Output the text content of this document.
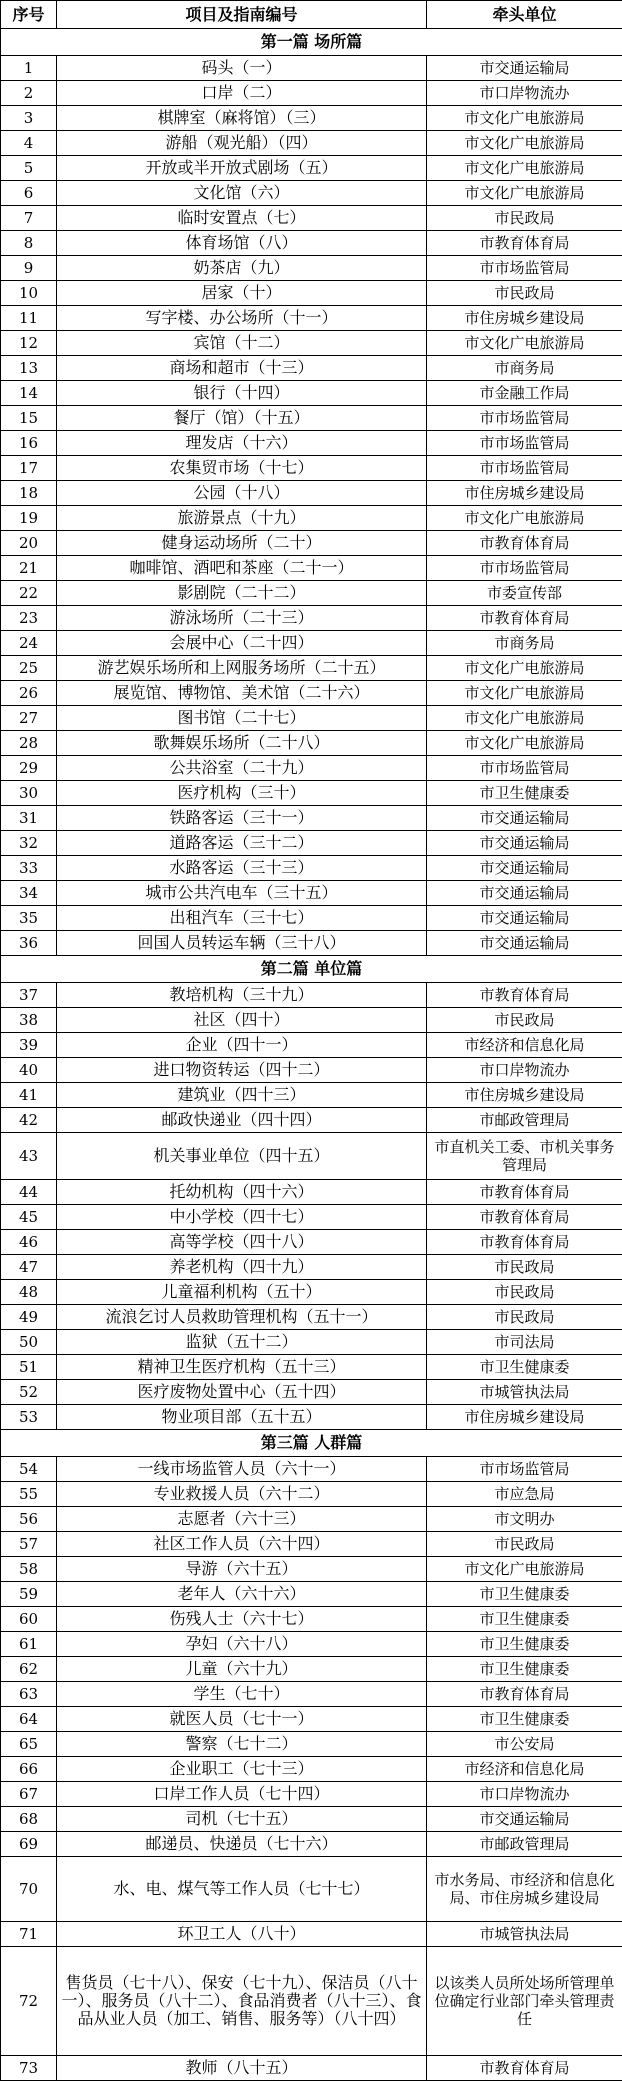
序号	项目及指南编号	牵头单位
第一篇 场所篇		
1	码头（一）	市交通运输局
2	口岸（二）	市口岸物流办
3	棋牌室（麻将馆）（三）	市文化广电旅游局
4	游船（观光船）（四）	市文化广电旅游局
5	开放或半开放式剧场（五）	市文化广电旅游局
6	文化馆（六）	市文化广电旅游局
7	临时安置点（七）	市民政局
8	体育场馆（八）	市教育体育局
9	奶茶店（九）	市市场监管局
10	居家（十）	市民政局
11	写字楼、办公场所（十一）	市住房城乡建设局
12	宾馆（十二）	市文化广电旅游局
13	商场和超市（十三）	市商务局
14	银行（十四）	市金融工作局
15	餐厅（馆）（十五）	市市场监管局
16	理发店（十六）	市市场监管局
17	农集贸市场（十七）	市市场监管局
18	公园（十八）	市住房城乡建设局
19	旅游景点（十九）	市文化广电旅游局
20	健身运动场所（二十）	市教育体育局
21	咖啡馆、酒吧和茶座（二十一）	市市场监管局
22	影剧院（二十二）	市委宣传部
23	游泳场所（二十三）	市教育体育局
24	会展中心（二十四）	市商务局
25	游艺娱乐场所和上网服务场所（二十五）	市文化广电旅游局
26	展览馆、博物馆、美术馆（二十六）	市文化广电旅游局
27	图书馆（二十七）	市文化广电旅游局
28	歌舞娱乐场所（二十八）	市文化广电旅游局
29	公共浴室（二十九）	市市场监管局
30	医疗机构（三十）	市卫生健康委
31	铁路客运（三十一）	市交通运输局
32	道路客运（三十二）	市交通运输局
33	水路客运（三十三）	市交通运输局
34	城市公共汽电车（三十五）	市交通运输局
35	出租汽车（三十七）	市交通运输局
36	回国人员转运车辆（三十八）	市交通运输局
第二篇 单位篇		
37	教培机构（三十九）	市教育体育局
38	社区（四十）	市民政局
39	企业（四十一）	市经济和信息化局
40	进口物资转运（四十二）	市口岸物流办
41	建筑业（四十三）	市住房城乡建设局
42	邮政快递业（四十四）	市邮政管理局
43	机关事业单位（四十五）	市直机关工委、市机关事务管理局
44	托幼机构（四十六）	市教育体育局
45	中小学校（四十七）	市教育体育局
46	高等学校（四十八）	市教育体育局
47	养老机构（四十九）	市民政局
48	儿童福利机构（五十）	市民政局
49	流浪乞讨人员救助管理机构（五十一）	市民政局
50	监狱（五十二）	市司法局
51	精神卫生医疗机构（五十三）	市卫生健康委
52	医疗废物处置中心（五十四）	市城管执法局
53	物业项目部（五十五）	市住房城乡建设局
第三篇 人群篇		
54	一线市场监管人员（六十一）	市市场监管局
55	专业救援人员（六十二）	市应急局
56	志愿者（六十三）	市文明办
57	社区工作人员（六十四）	市民政局
58	导游（六十五）	市文化广电旅游局
59	老年人（六十六）	市卫生健康委
60	伤残人士（六十七）	市卫生健康委
61	孕妇（六十八）	市卫生健康委
62	儿童（六十九）	市卫生健康委
63	学生（七十）	市教育体育局
64	就医人员（七十一）	市卫生健康委
65	警察（七十二）	市公安局
66	企业职工（七十三）	市经济和信息化局
67	口岸工作人员（七十四）	市口岸物流办
68	司机（七十五）	市交通运输局
69	邮递员、快递员（七十六）	市邮政管理局
70	水、电、煤气等工作人员（七十七）	市水务局、市经济和信息化局、市住房城乡建设局
71	环卫工人（八十）	市城管执法局
72	售货员（七十八）、保安（七十九）、保洁员（八十一）、服务员（八十二）、食品消费者（八十三）、食品从业人员（加工、销售、服务等）（八十四）	以该类人员所处场所管理单位确定行业部门牵头管理责任
73	教师（八十五）	市教育体育局
